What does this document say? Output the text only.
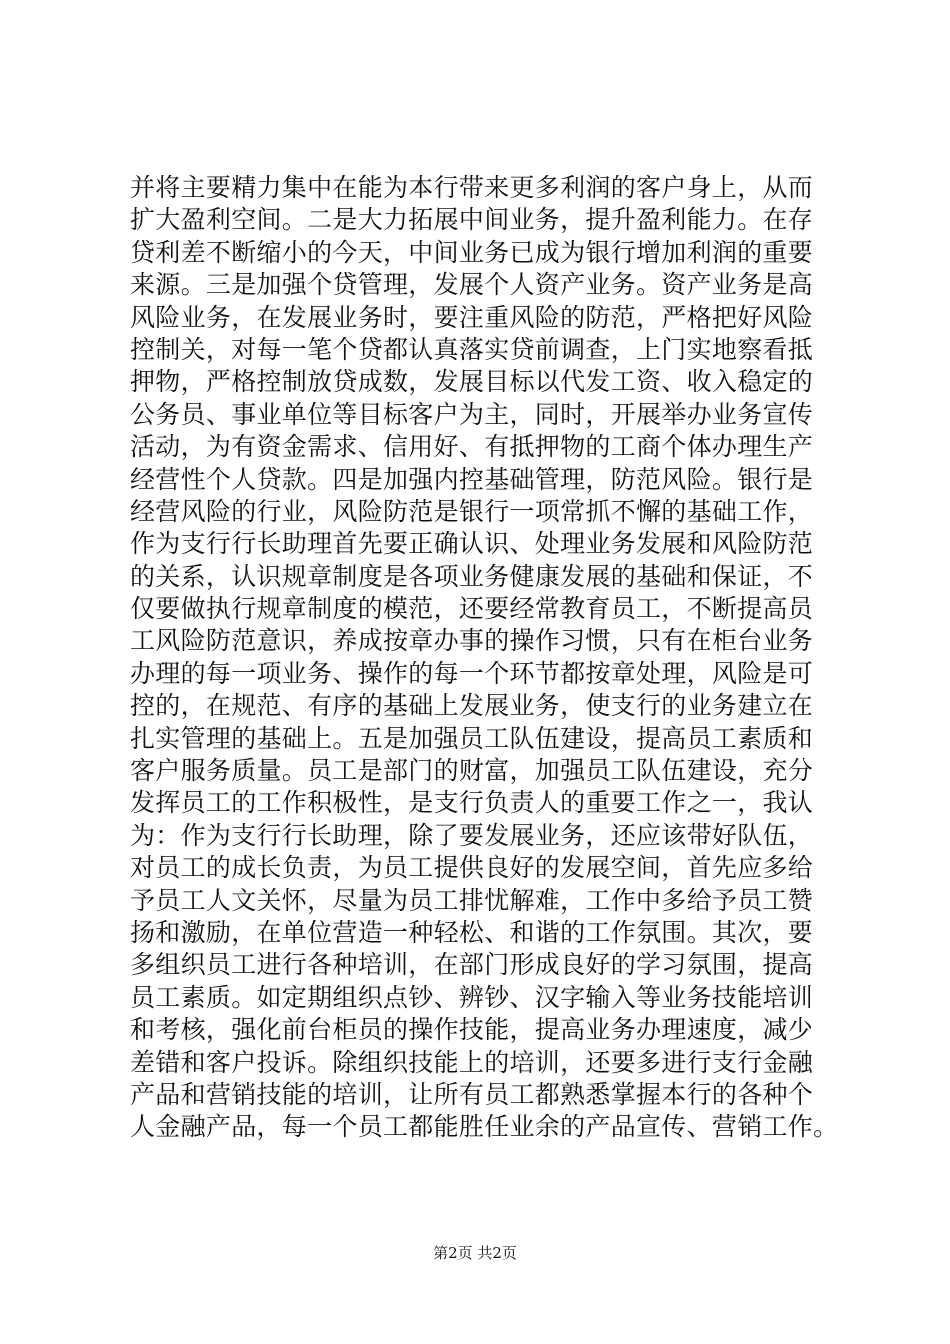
并将主要精力集中在能为本行带来更多利润的客户身上，从而
扩大盈利空间。二是大力拓展中间业务，提升盈利能力。在存
贷利差不断缩小的今天，中间业务已成为银行增加利润的重要
来源。三是加强个贷管理，发展个人资产业务。资产业务是高
风险业务，在发展业务时，要注重风险的防范，严格把好风险
控制关，对每一笔个贷都认真落实贷前调查，上门实地察看抵
押物，严格控制放贷成数，发展目标以代发工资、收入稳定的
公务员、事业单位等目标客户为主，同时，开展举办业务宣传
活动，为有资金需求、信用好、有抵押物的工商个体办理生产
经营性个人贷款。四是加强内控基础管理，防范风险。银行是
经营风险的行业，风险防范是银行一项常抓不懈的基础工作，
作为支行行长助理首先要正确认识、处理业务发展和风险防范
的关系，认识规章制度是各项业务健康发展的基础和保证，不
仅要做执行规章制度的模范，还要经常教育员工，不断提高员
工风险防范意识，养成按章办事的操作习惯，只有在柜台业务
办理的每一项业务、操作的每一个环节都按章处理，风险是可
控的，在规范、有序的基础上发展业务，使支行的业务建立在
扎实管理的基础上。五是加强员工队伍建设，提高员工素质和
客户服务质量。员工是部门的财富，加强员工队伍建设，充分
发挥员工的工作积极性，是支行负责人的重要工作之一，我认
为：作为支行行长助理，除了要发展业务，还应该带好队伍，
对员工的成长负责，为员工提供良好的发展空间，首先应多给
予员工人文关怀，尽量为员工排忧解难，工作中多给予员工赞
扬和激励，在单位营造一种轻松、和谐的工作氛围。其次，要
多组织员工进行各种培训，在部门形成良好的学习氛围，提高
员工素质。如定期组织点钞、辨钞、汉字输入等业务技能培训
和考核，强化前台柜员的操作技能，提高业务办理速度，减少
差错和客户投诉。除组织技能上的培训，还要多进行支行金融
产品和营销技能的培训，让所有员工都熟悉掌握本行的各种个
人金融产品，每一个员工都能胜任业余的产品宣传、营销工作。
第2页 共2页
